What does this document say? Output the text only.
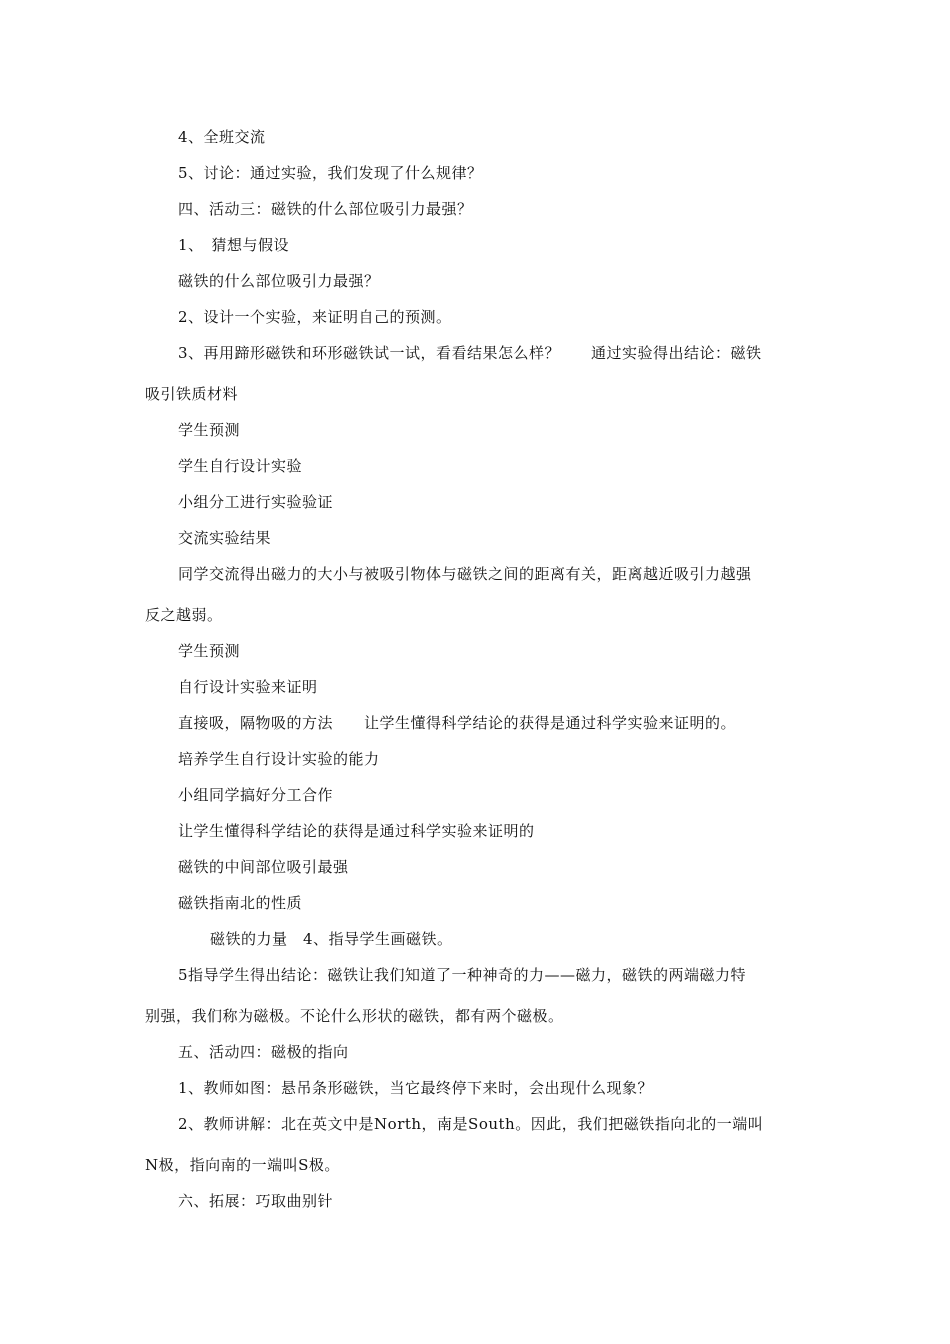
4、全班交流
5、讨论：通过实验，我们发现了什么规律？
四、活动三：磁铁的什么部位吸引力最强？
1、　猜想与假设
磁铁的什么部位吸引力最强？
2、设计一个实验，来证明自己的预测。
3、再用蹄形磁铁和环形磁铁试一试，看看结果怎么样？　　通过实验得出结论：磁铁
吸引铁质材料
学生预测
学生自行设计实验
小组分工进行实验验证
交流实验结果
同学交流得出磁力的大小与被吸引物体与磁铁之间的距离有关，距离越近吸引力越强
反之越弱。
学生预测
自行设计实验来证明
直接吸，隔物吸的方法　　让学生懂得科学结论的获得是通过科学实验来证明的。
培养学生自行设计实验的能力
小组同学搞好分工合作
让学生懂得科学结论的获得是通过科学实验来证明的
磁铁的中间部位吸引最强
磁铁指南北的性质
磁铁的力量　4、指导学生画磁铁。
5指导学生得出结论：磁铁让我们知道了一种神奇的力——磁力，磁铁的两端磁力特
别强，我们称为磁极。不论什么形状的磁铁，都有两个磁极。
五、活动四：磁极的指向
1、教师如图：悬吊条形磁铁，当它最终停下来时，会出现什么现象？
2、教师讲解：北在英文中是North，南是South。因此，我们把磁铁指向北的一端叫
N极，指向南的一端叫S极。
六、拓展：巧取曲别针
